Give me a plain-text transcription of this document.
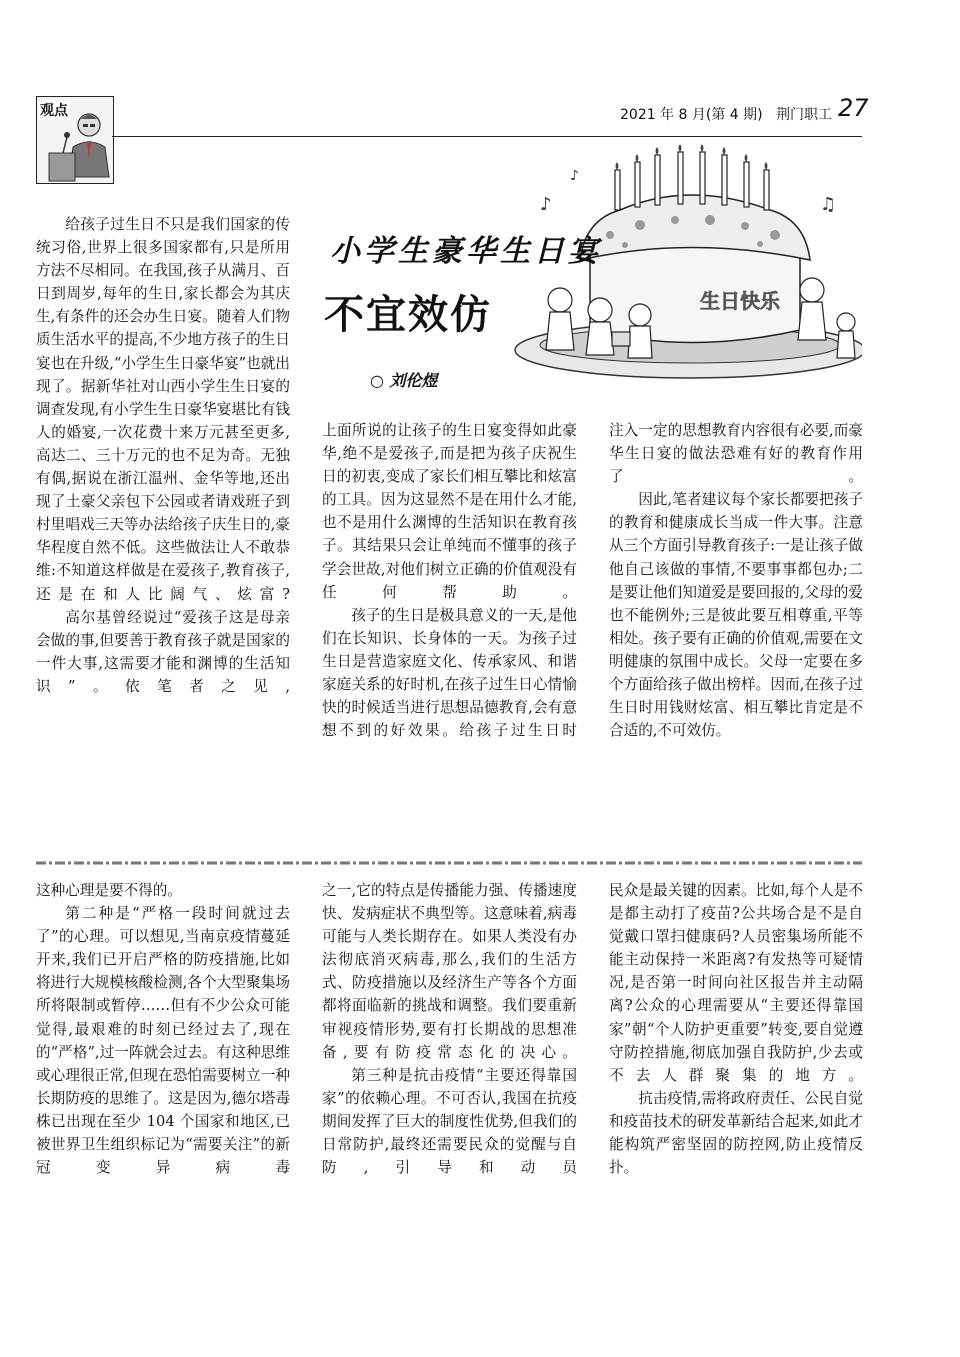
观点	2021 年 8 月(第 4 期)   荆门职工 27
♪	♫
♪
生日快乐
小学生豪华生日宴
不宜效仿
○ 刘伦煜

给孩子过生日不只是我们国家的传统习俗,世界上很多国家都有,只是所用方法不尽相同。在我国,孩子从满月、百日到周岁,每年的生日,家长都会为其庆生,有条件的还会办生日宴。随着人们物质生活水平的提高,不少地方孩子的生日宴也在升级,“小学生生日豪华宴”也就出现了。据新华社对山西小学生生日宴的调查发现,有小学生生日豪华宴堪比有钱人的婚宴,一次花费十来万元甚至更多,高达二、三十万元的也不足为奇。无独有偶,据说在浙江温州、金华等地,还出现了土豪父亲包下公园或者请戏班子到村里唱戏三天等办法给孩子庆生日的,豪华程度自然不低。这些做法让人不敢恭维:不知道这样做是在爱孩子,教育孩子,还是在和人比阔气、炫富?

高尔基曾经说过“爱孩子这是母亲会做的事,但要善于教育孩子就是国家的一件大事,这需要才能和渊博的生活知识”。依笔者之见,

上面所说的让孩子的生日宴变得如此豪华,绝不是爱孩子,而是把为孩子庆祝生日的初衷,变成了家长们相互攀比和炫富的工具。因为这显然不是在用什么才能,也不是用什么渊博的生活知识在教育孩子。其结果只会让单纯而不懂事的孩子学会世故,对他们树立正确的价值观没有任何帮助。

孩子的生日是极具意义的一天,是他们在长知识、长身体的一天。为孩子过生日是营造家庭文化、传承家风、和谐家庭关系的好时机,在孩子过生日心情愉快的时候适当进行思想品德教育,会有意想不到的好效果。给孩子过生日时

注入一定的思想教育内容很有必要,而豪华生日宴的做法恐难有好的教育作用了。

因此,笔者建议每个家长都要把孩子的教育和健康成长当成一件大事。注意从三个方面引导教育孩子:一是让孩子做他自己该做的事情,不要事事都包办;二是要让他们知道爱是要回报的,父母的爱也不能例外;三是彼此要互相尊重,平等相处。孩子要有正确的价值观,需要在文明健康的氛围中成长。父母一定要在多个方面给孩子做出榜样。因而,在孩子过生日时用钱财炫富、相互攀比肯定是不合适的,不可效仿。

这种心理是要不得的。

第二种是“严格一段时间就过去了”的心理。可以想见,当南京疫情蔓延开来,我们已开启严格的防疫措施,比如将进行大规模核酸检测,各个大型聚集场所将限制或暂停……但有不少公众可能觉得,最艰难的时刻已经过去了,现在的“严格”,过一阵就会过去。有这种思维或心理很正常,但现在恐怕需要树立一种长期防疫的思维了。这是因为,德尔塔毒株已出现在至少 104 个国家和地区,已被世界卫生组织标记为“需要关注”的新冠变异病毒

之一,它的特点是传播能力强、传播速度快、发病症状不典型等。这意味着,病毒可能与人类长期存在。如果人类没有办法彻底消灭病毒,那么,我们的生活方式、防疫措施以及经济生产等各个方面都将面临新的挑战和调整。我们要重新审视疫情形势,要有打长期战的思想准备,要有防疫常态化的决心。

第三种是抗击疫情“主要还得靠国家”的依赖心理。不可否认,我国在抗疫期间发挥了巨大的制度性优势,但我们的日常防护,最终还需要民众的觉醒与自防,引导和动员

民众是最关键的因素。比如,每个人是不是都主动打了疫苗?公共场合是不是自觉戴口罩扫健康码?人员密集场所能不能主动保持一米距离?有发热等可疑情况,是否第一时间向社区报告并主动隔离?公众的心理需要从“主要还得靠国家”朝“个人防护更重要”转变,要自觉遵守防控措施,彻底加强自我防护,少去或不去人群聚集的地方。

抗击疫情,需将政府责任、公民自觉和疫苗技术的研发革新结合起来,如此才能构筑严密坚固的防控网,防止疫情反扑。
